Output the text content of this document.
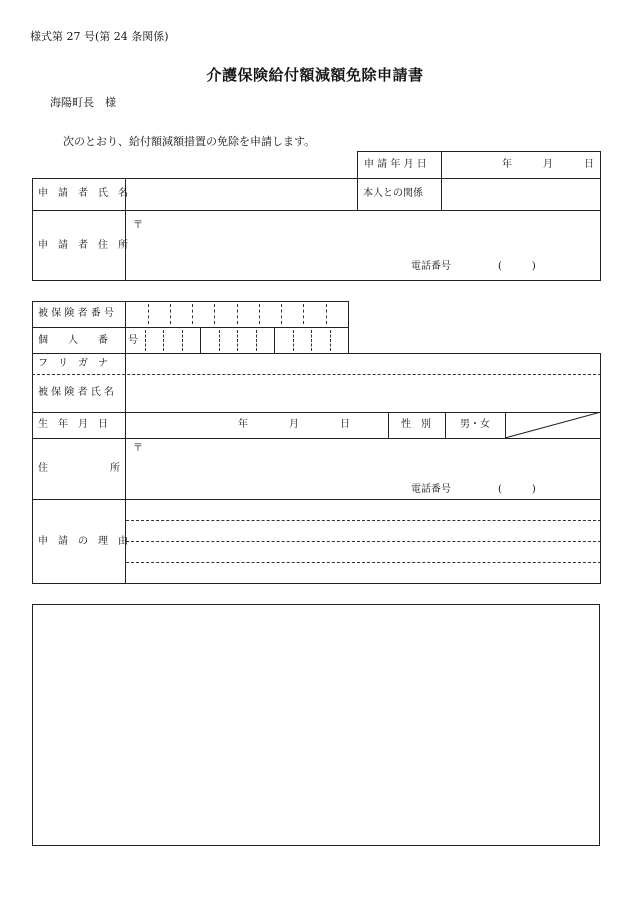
様式第 27 号(第 24 条関係)
介護保険給付額減額免除申請書
海陽町長　様
次のとおり、給付額減額措置の免除を申請します。
申 請 年 月 日	年	月	日
申　請　者　氏　名	本人との関係
申　請　者　住　所
〒
電話番号	(　　　)
被 保 険 者 番 号
個　　人　　番　　号
フ　リ　ガ　ナ
被 保 険 者 氏 名
生　年　月　日	年	月	日	性　別	男・女
住	所
〒
電話番号	(　　　)
申　請　の　理　由
